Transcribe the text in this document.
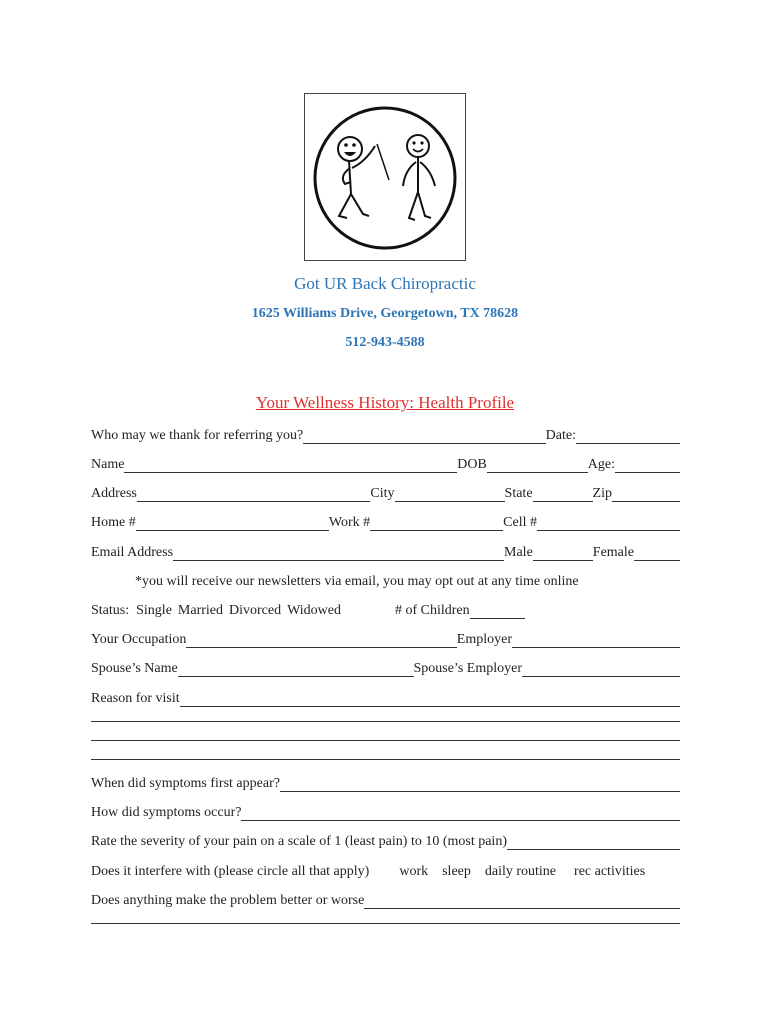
Got UR Back Chiropractic
1625 Williams Drive, Georgetown, TX 78628
512-943-4588
Your Wellness History: Health Profile
Who may we thank for referring you?	Date:
Name	DOB	Age:
Address	City	State	Zip
Home #	Work #	Cell #
Email Address	Male	Female
*you will receive our newsletters via email, you may opt out at any time online
Status: Single Married Divorced Widowed	# of Children
Your Occupation	Employer
Spouse’s Name	Spouse’s Employer
Reason for visit
When did symptoms first appear?
How did symptoms occur?
Rate the severity of your pain on a scale of 1 (least pain) to 10 (most pain)
Does it interfere with (please circle all that apply) work sleep daily routine rec activities
Does anything make the problem better or worse
